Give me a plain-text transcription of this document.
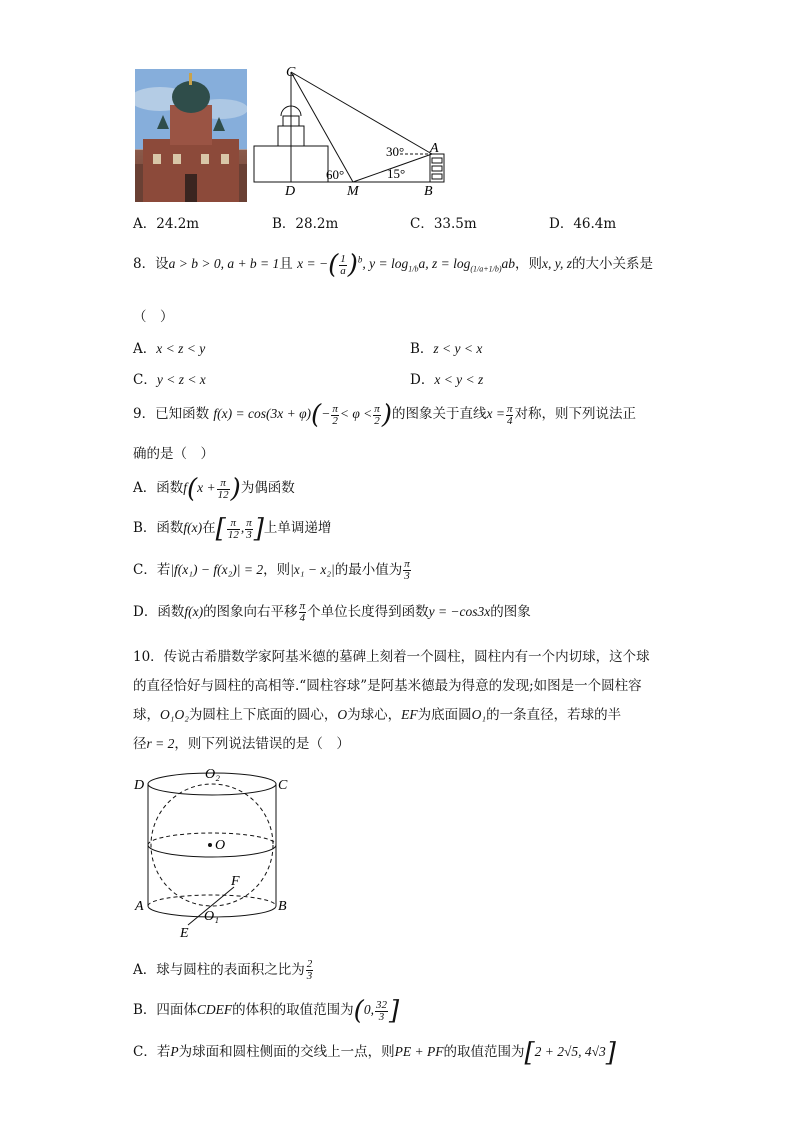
C
A
D	M	B
60°
30°
15°
A．24.2m	B．28.2m	C．33.5m	D．46.4m
8．设a > b > 0, a + b = 1且 x = −( $\frac{1}{a} )^b$, $y = \log_{1/b}a$, $z = \log_{(1/a+1/b)}ab$，则x, y, z的大小关系是
（　）
A．x < z < y	B．z < y < x
C．y < z < x	D．x < y < z
9．已知函数 $f(x) = \cos(3x + \varphi)(- \frac{\pi}{2} < \varphi < \frac{\pi}{2}$ )的图象关于直线$x = \frac{\pi}{4}$ 对称，则下列说法正
确的是（　）
A．函数$f(x + \frac{\pi}{12}$ )为偶函数
B．函数f(x)在[ $\frac{\pi}{12}$ , $\frac{\pi}{3}$ ]上单调递增
C．若|f(x₁) − f(x₂)| = 2，则|x₁ − x₂|的最小值为 $\frac{\pi}{3}$
D．函数f(x)的图象向右平移 $\frac{\pi}{4}$ 个单位长度得到函数y = −cos3x的图象
10．传说古希腊数学家阿基米德的墓碑上刻着一个圆柱，圆柱内有一个内切球，这个球
的直径恰好与圆柱的高相等.“圆柱容球”是阿基米德最为得意的发现;如图是一个圆柱容
球，O₁O₂为圆柱上下底面的圆心，O为球心，EF为底面圆O₁的一条直径，若球的半
径r = 2，则下列说法错误的是（　）
D	C
O₂
O
F
A	B
O₁
E
A．球与圆柱的表面积之比为 $\frac{2}{3}$
B．四面体CDEF的体积的取值范围为(0, $\frac{32}{3}$ ]
C．若P为球面和圆柱侧面的交线上一点，则PE + PF的取值范围为[2 + 2√5, 4√3]
